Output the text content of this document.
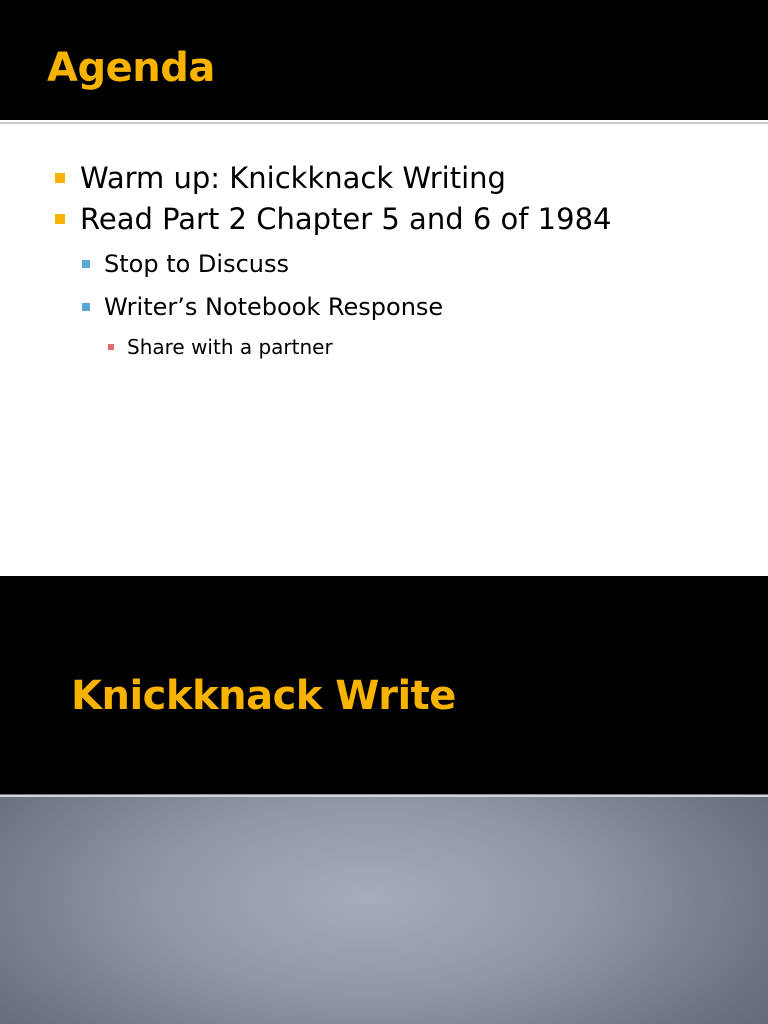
Agenda
Warm up: Knickknack Writing
Read Part 2 Chapter 5 and 6 of 1984
Stop to Discuss
Writer’s Notebook Response
Share with a partner
Knickknack Write
